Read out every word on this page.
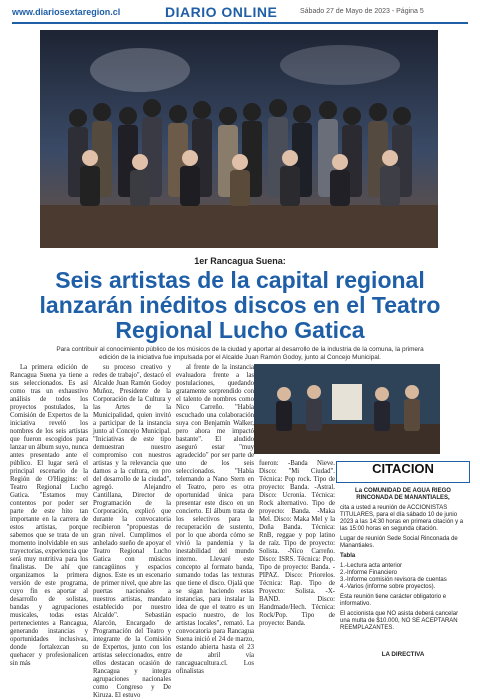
www.diariosextaregion.cl	DIARIO ONLINE	Sábado 27 de Mayo de 2023 - Página 5
1er Rancagua Suena:
Seis artistas de la capital regional lanzarán inéditos discos en el Teatro Regional Lucho Gatica

Para contribuir al conocimiento público de los músicos de la ciudad y aportar al desarrollo de la industria de la comuna, la primera edición de la iniciativa fue impulsada por el Alcalde Juan Ramón Godoy, junto al Concejo Municipal.

La primera edición de Rancagua Suena ya tiene a sus seleccionados. Es así como tras un exhaustivo análisis de todos los proyectos postulados, la Comisión de Expertos de la iniciativa reveló los nombres de los seis artistas que fueron escogidos para lanzar un álbum suyo, nunca antes presentado ante el público. El lugar será el principal escenario de la Región de O'Higgins: el Teatro Regional Lucho Gatica. "Estamos muy contentos por poder ser parte de este hito tan importante en la carrera de estos artistas, porque sabemos que se trata de un momento inolvidable en sus trayectorias, experiencia que será muy nutritiva para los finalistas. De ahí que organizamos la primera versión de este programa, cuyo fin es aportar al desarrollo de solistas, bandas y agrupaciones musicales, todas estas pertenecientes a Rancagua, generando instancias y oportunidades inclusivas, donde fortalezcan su quehacer y profesionalicen sin más

su proceso creativo y redes de trabajo", destacó el Alcalde Juan Ramón Godoy Muñoz, Presidente de la Corporación de la Cultura y las Artes de la Municipalidad, quien invitó a participar de la instancia junto al Concejo Municipal. "Iniciativas de este tipo demuestran nuestro compromiso con nuestros artistas y la relevancia que damos a la cultura, en pro del desarrollo de la ciudad", agregó. Alejandro Cantillana, Director de Programación de la Corporación, explicó que durante la convocatoria recibieron "propuestas de gran nivel. Cumplimos el anhelado sueño de apoyar el Teatro Regional Lucho Gatica con músicos rancagüinos y espacios dignos. Este es un escenario de primer nivel, que abre las puertas nacionales a nuestros artistas, mandato establecido por nuestro Alcalde". Sebastián Alarcón, Encargado de Programación del Teatro y integrante de la Comisión de Expertos, junto con los artistas seleccionados, entre ellos destacan ocasión de Rancagua y integra agrupaciones nacionales como Congreso y De Kiruza. El estuvo

al frente de la instancia evaluadora frente a las postulaciones, quedando gratamente sorprendido con el talento de nombres como Nico Carreño. "Había escuchado una colaboración suya con Benjamín Walker, pero ahora me impactó bastante". El aludido aseguró estar "muy agradecido" por ser parte de uno de los seis seleccionados. "Había telemando a Nano Stern en el Teatro, pero es otra oportunidad única para presentar este disco en un concierto. El álbum trata de los selectivos para la recuperación de sustento, por lo que aborda cómo se vivió la pandemia y la inestabilidad del mundo interno. Llevaré este concepto al formato banda, sumando todas las texturas que tiene el disco. Ojalá que se sigan haciendo estas instancias, para instalar la idea de que el teatro es un espacio nuestro, de los artistas locales", remató. La convocatoria para Rancagua Suena inició el 24 de marzo, estando abierta hasta el 23 de abril vía rancaguacultura.cl. Los ofinalistas

fueron: -Banda Nieve. Disco: "Mi Ciudad". Técnica: Pop rock. Tipo de proyecto: Banda. -Astral. Disco: Ucronía. Técnica: Rock alternativo. Tipo de proyecto: Banda. -Maka Mel. Disco: Maka Mel y la Doña Banda. Técnica: RnB, reggae y pop latino de raíz. Tipo de proyecto: Solista. -Nico Carreño. Disco: ISRS. Técnica: Pop. Tipo de proyecto: Banda. -PIPAZ. Disco: Priorelos. Técnica: Rap. Tipo de Proyecto: Solista. -X-BAND. Disco: Handmade/Hech. Técnica: Rock/Pop. Tipo de proyecto: Banda.

CITACION
La COMUNIDAD DE AGUA RIEGO RINCONADA DE MANANTIALES,

cita a usted a reunión de ACCIONISTAS TITULARES, para el día sábado 10 de junio 2023 a las 14:30 horas en primera citación y a las 15:00 horas en segunda citación.

Lugar de reunión Sede Social Rinconada de Manantiales.

Tabla

1.-Lectura acta anterior
2.-Informe Financiero
3.-Informe comisión revisora de cuentas
4.-Varios (informe sobre proyectos).

Esta reunión tiene carácter obligatorio e informativo.

El accionista que NO asista deberá cancelar una multa de $10.000, NO SE ACEPTARAN REEMPLAZANTES.

LA DIRECTIVA
